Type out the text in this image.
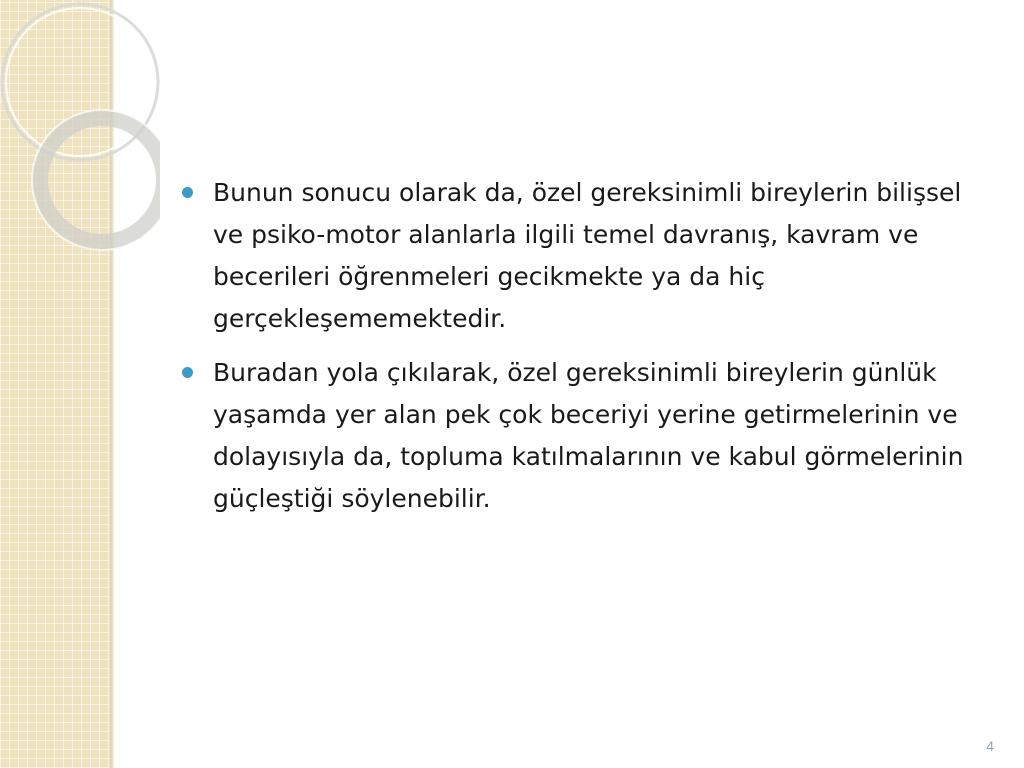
Bunun sonucu olarak da, özel gereksinimli bireylerin bilişsel ve psiko-motor alanlarla ilgili temel davranış, kavram ve becerileri öğrenmeleri gecikmekte ya da hiç gerçekleşememektedir.
Buradan yola çıkılarak, özel gereksinimli bireylerin günlük yaşamda yer alan pek çok beceriyi yerine getirmelerinin ve dolayısıyla da, topluma katılmalarının ve kabul görmelerinin güçleştiği söylenebilir.
4
